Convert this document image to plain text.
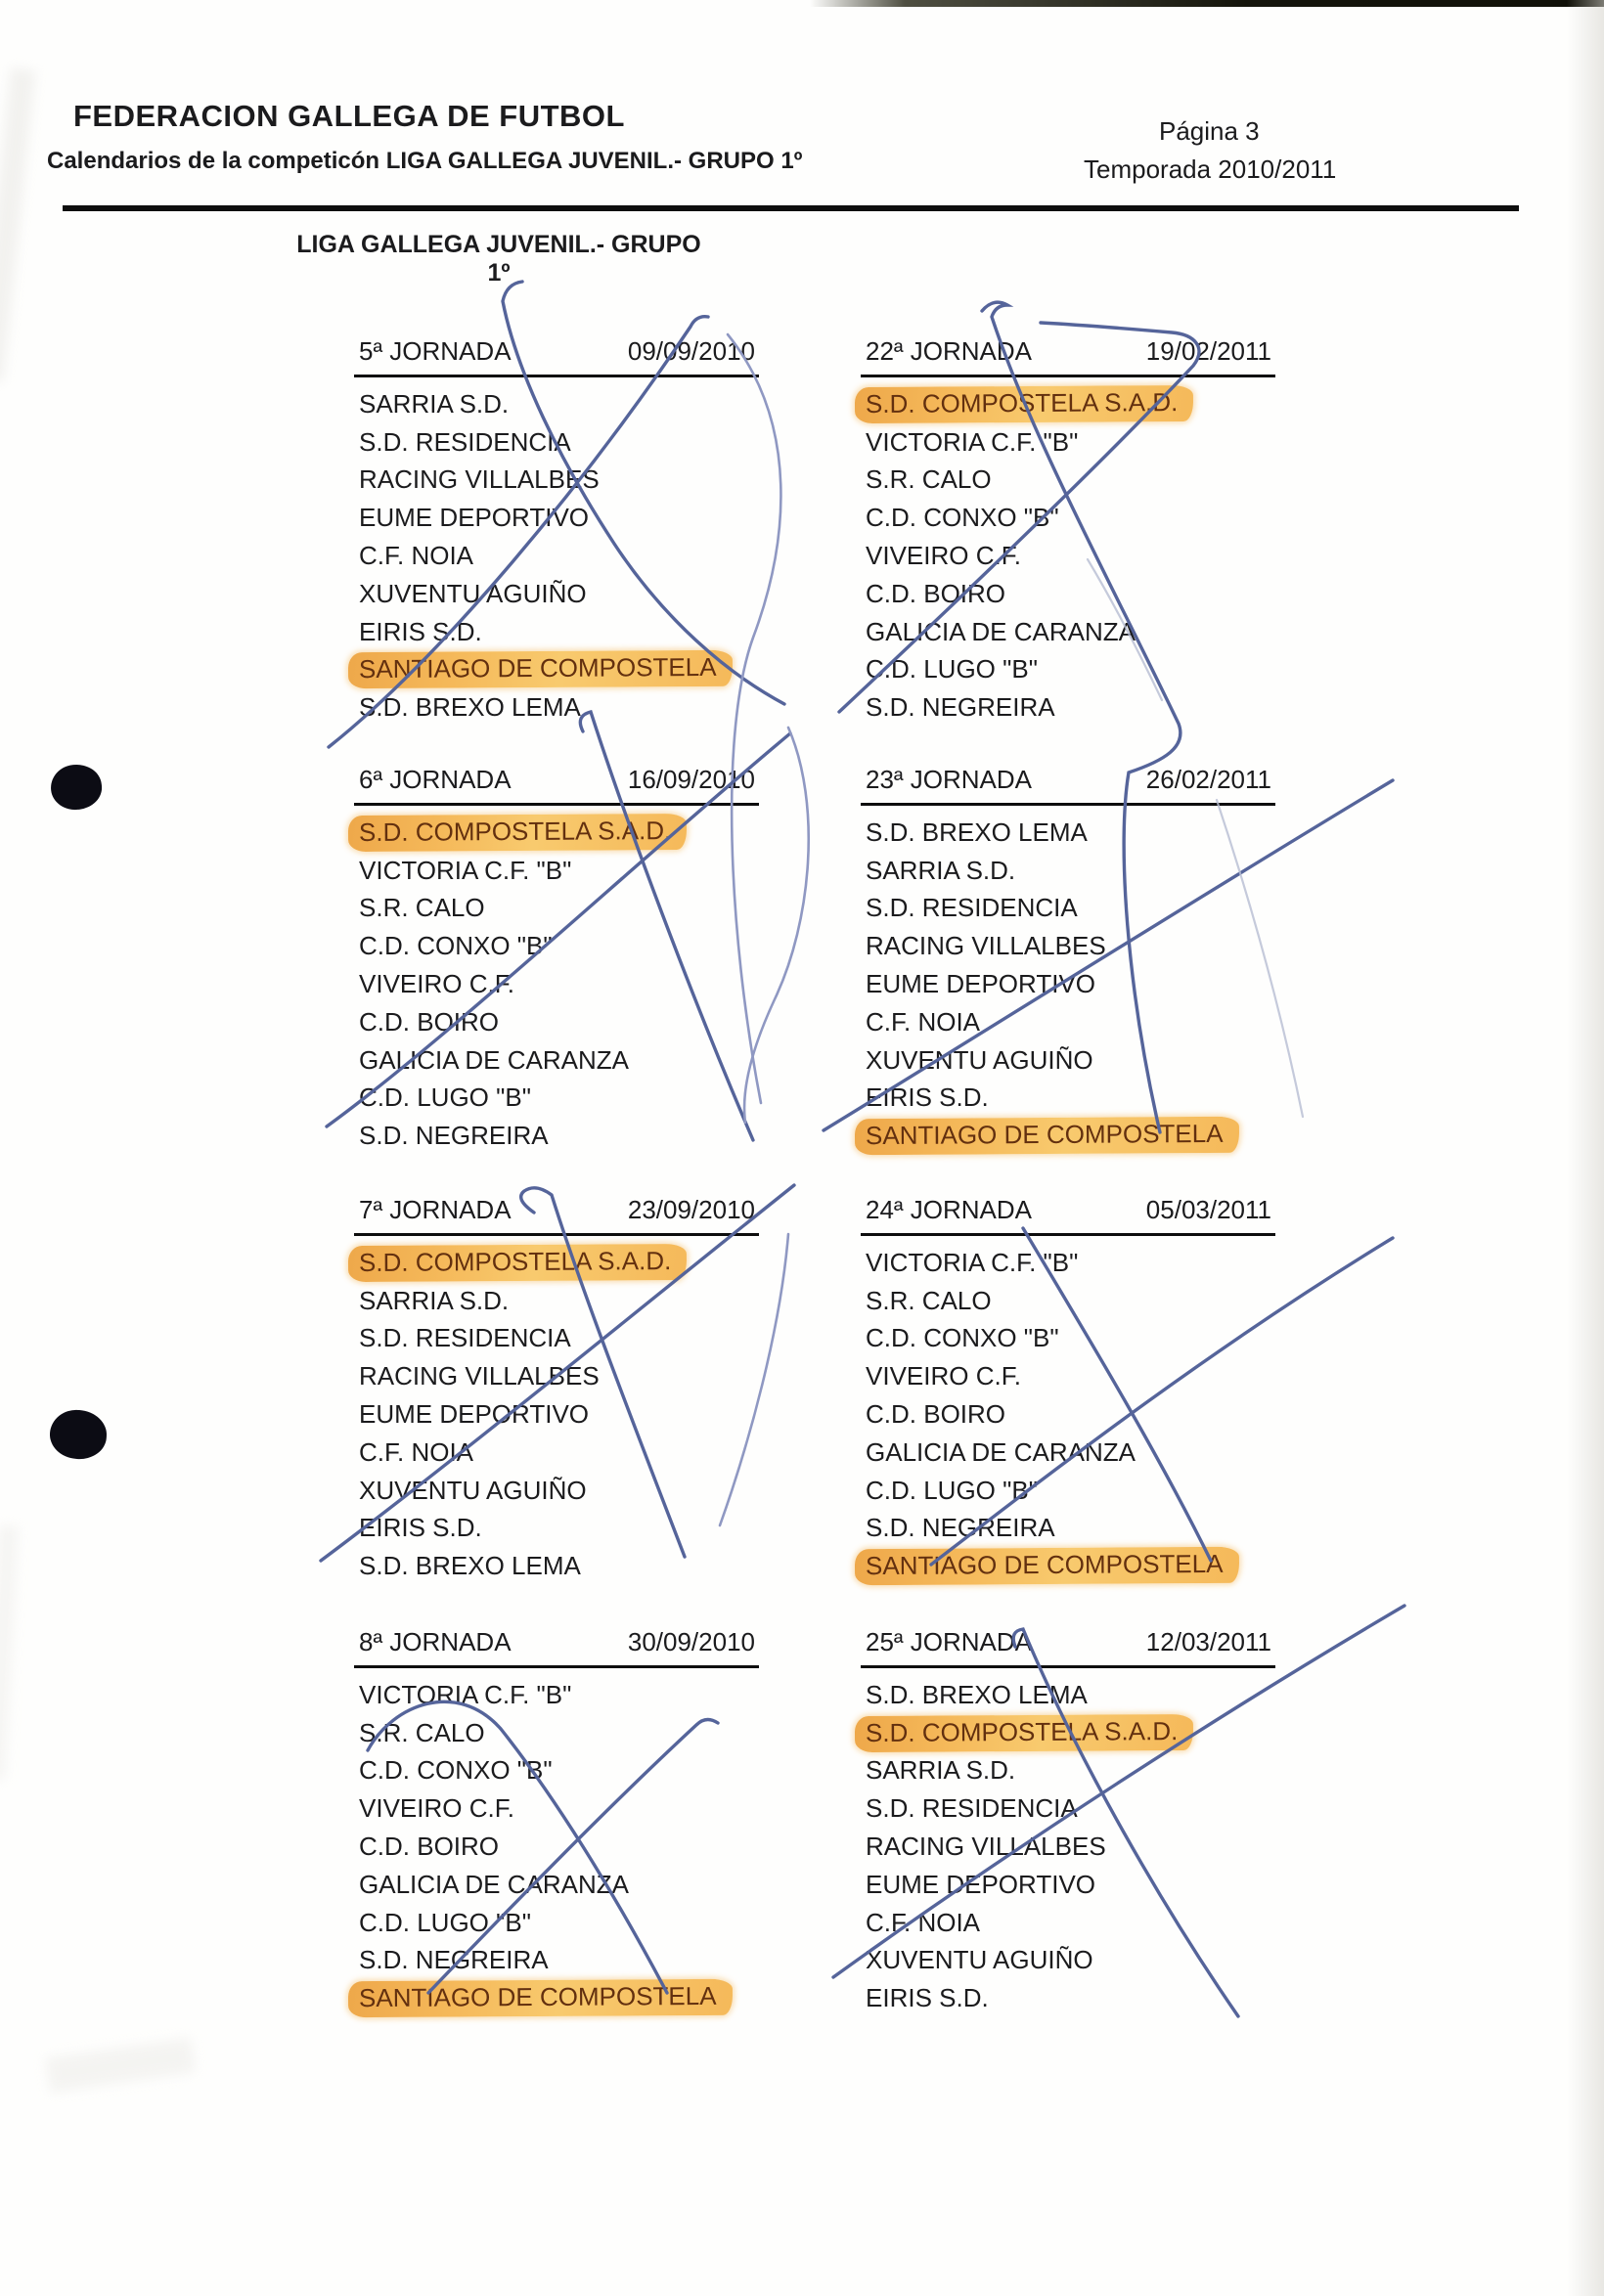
FEDERACION GALLEGA DE FUTBOL
Calendarios de la competicón LIGA GALLEGA JUVENIL.- GRUPO 1º
Página 3
Temporada 2010/2011
LIGA GALLEGA JUVENIL.- GRUPO 1º
5ª JORNADA	09/09/2010
SARRIA S.D.
S.D. RESIDENCIA
RACING VILLALBES
EUME DEPORTIVO
C.F. NOIA
XUVENTU AGUIÑO
EIRIS S.D.
SANTIAGO DE COMPOSTELA
S.D. BREXO LEMA
22ª JORNADA	19/02/2011
S.D. COMPOSTELA S.A.D.
VICTORIA C.F. "B"
S.R. CALO
C.D. CONXO "B"
VIVEIRO C.F.
C.D. BOIRO
GALICIA DE CARANZA
C.D. LUGO "B"
S.D. NEGREIRA
6ª JORNADA	16/09/2010
S.D. COMPOSTELA S.A.D.
VICTORIA C.F. "B"
S.R. CALO
C.D. CONXO "B"
VIVEIRO C.F.
C.D. BOIRO
GALICIA DE CARANZA
C.D. LUGO "B"
S.D. NEGREIRA
23ª JORNADA	26/02/2011
S.D. BREXO LEMA
SARRIA S.D.
S.D. RESIDENCIA
RACING VILLALBES
EUME DEPORTIVO
C.F. NOIA
XUVENTU AGUIÑO
EIRIS S.D.
SANTIAGO DE COMPOSTELA
7ª JORNADA	23/09/2010
S.D. COMPOSTELA S.A.D.
SARRIA S.D.
S.D. RESIDENCIA
RACING VILLALBES
EUME DEPORTIVO
C.F. NOIA
XUVENTU AGUIÑO
EIRIS S.D.
S.D. BREXO LEMA
24ª JORNADA	05/03/2011
VICTORIA C.F. "B"
S.R. CALO
C.D. CONXO "B"
VIVEIRO C.F.
C.D. BOIRO
GALICIA DE CARANZA
C.D. LUGO "B"
S.D. NEGREIRA
SANTIAGO DE COMPOSTELA
8ª JORNADA	30/09/2010
VICTORIA C.F. "B"
S.R. CALO
C.D. CONXO "B"
VIVEIRO C.F.
C.D. BOIRO
GALICIA DE CARANZA
C.D. LUGO "B"
S.D. NEGREIRA
SANTIAGO DE COMPOSTELA
25ª JORNADA	12/03/2011
S.D. BREXO LEMA
S.D. COMPOSTELA S.A.D.
SARRIA S.D.
S.D. RESIDENCIA
RACING VILLALBES
EUME DEPORTIVO
C.F. NOIA
XUVENTU AGUIÑO
EIRIS S.D.
